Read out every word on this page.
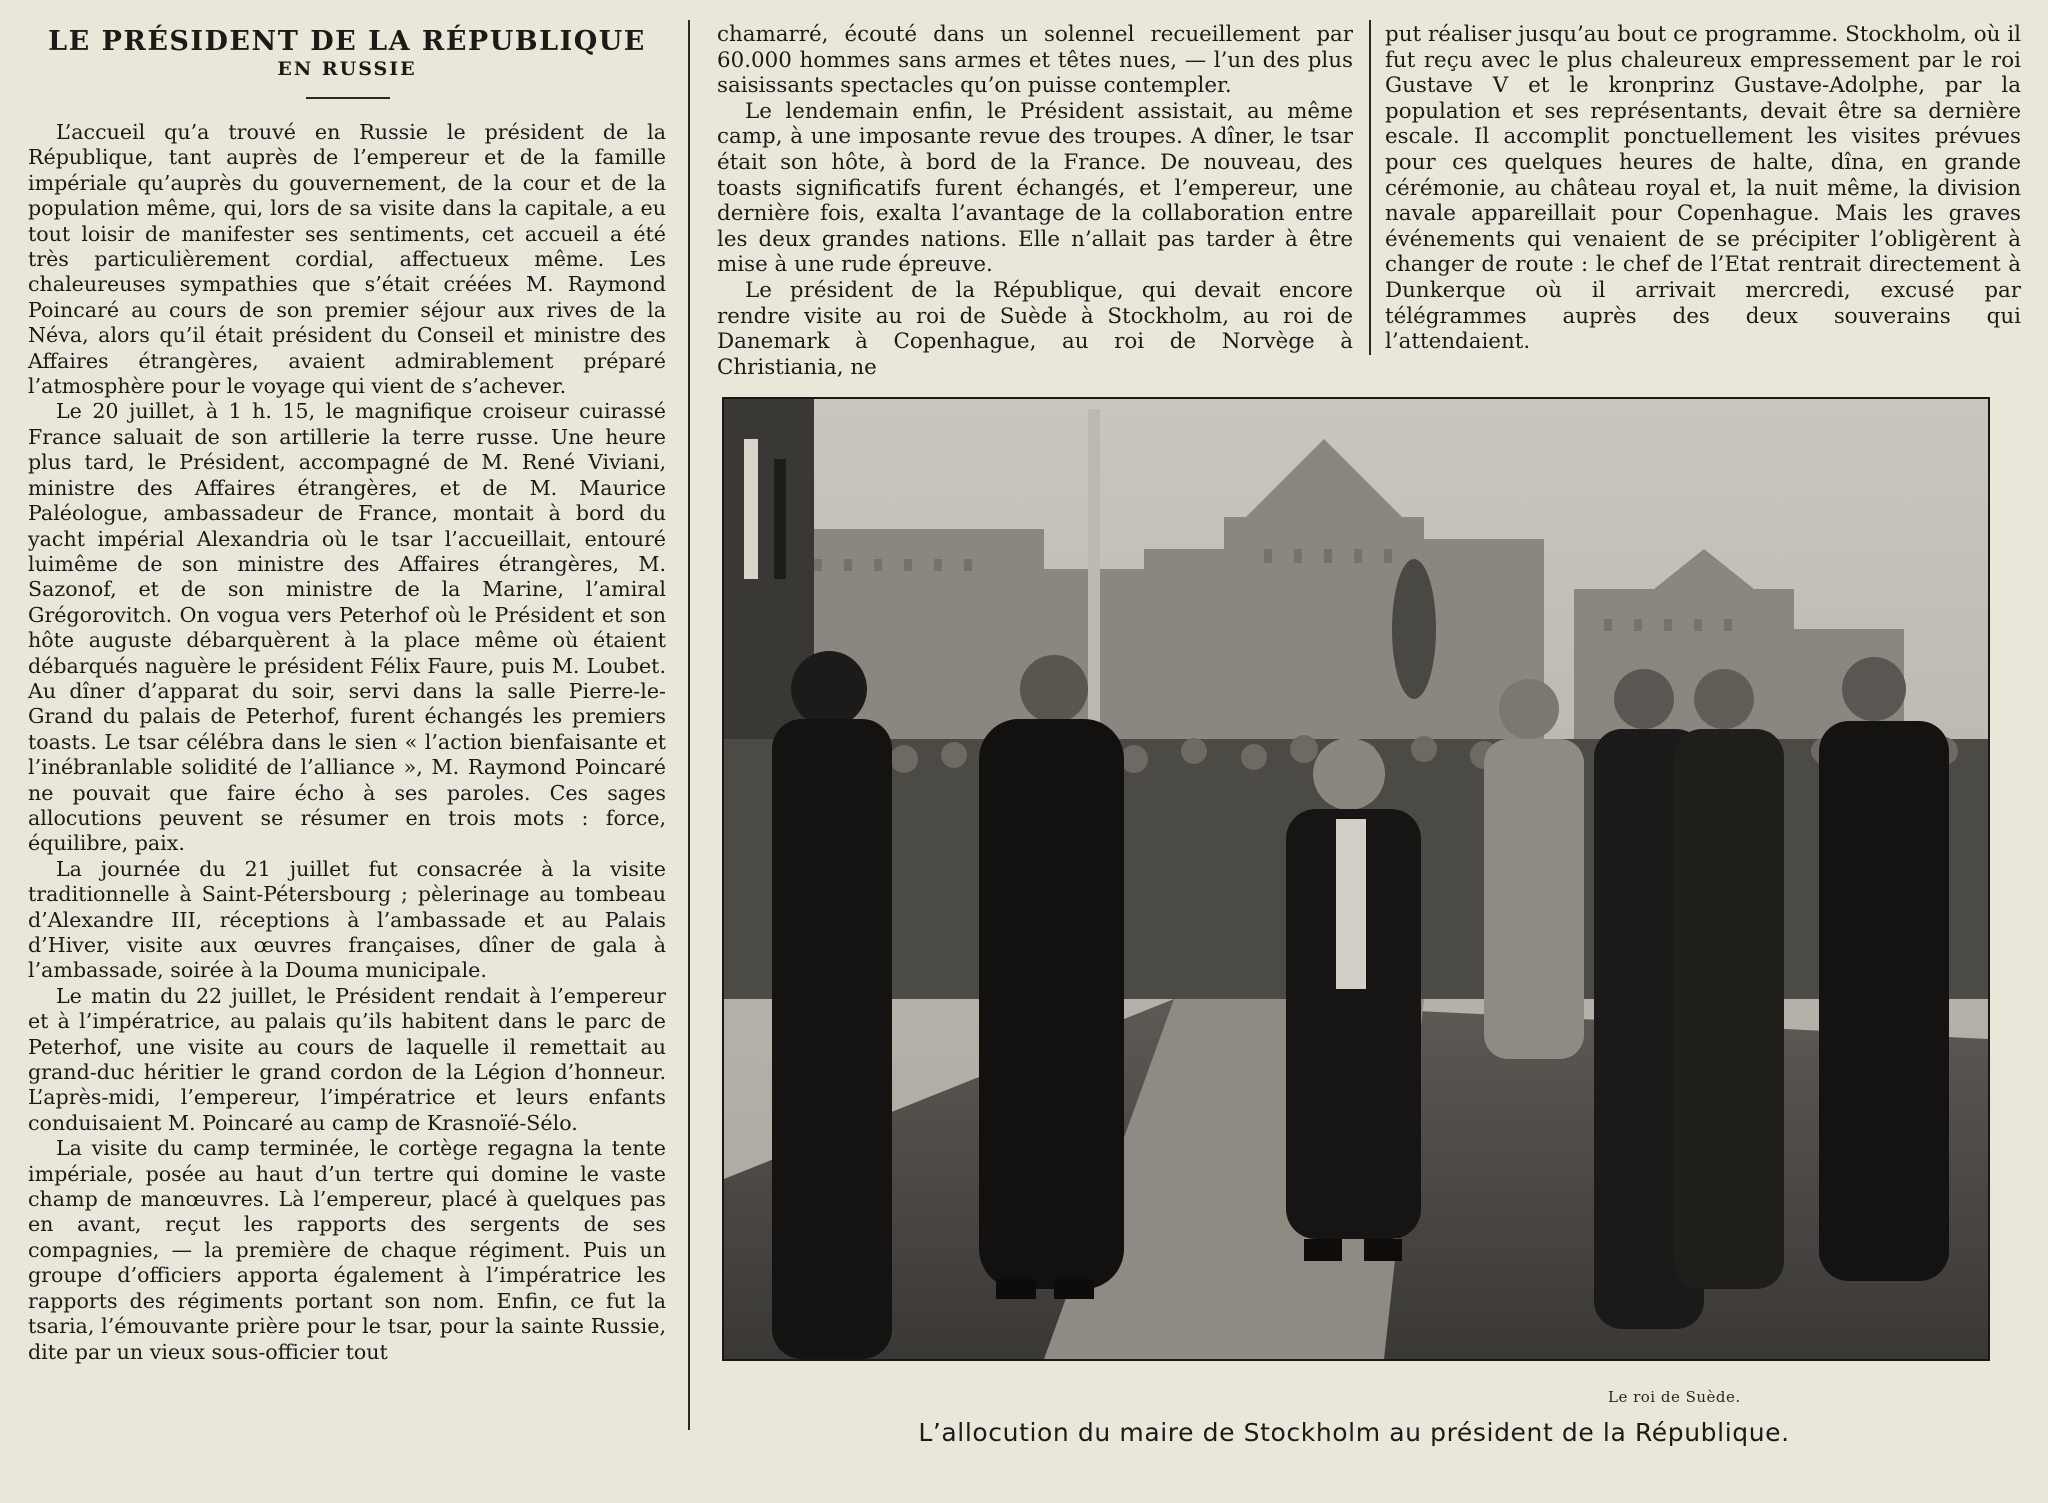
LE PRÉSIDENT DE LA RÉPUBLIQUE
EN RUSSIE

L’accueil qu’a trouvé en Russie le président de la République, tant auprès de l’empereur et de la famille impériale qu’auprès du gouvernement, de la cour et de la population même, qui, lors de sa visite dans la capitale, a eu tout loisir de manifester ses sentiments, cet accueil a été très particulièrement cordial, affectueux même. Les chaleureuses sympathies que s’était créées M. Raymond Poincaré au cours de son premier séjour aux rives de la Néva, alors qu’il était président du Conseil et ministre des Affaires étrangères, avaient admirablement préparé l’atmosphère pour le voyage qui vient de s’achever.

Le 20 juillet, à 1 h. 15, le magnifique croiseur cuirassé France saluait de son artillerie la terre russe. Une heure plus tard, le Président, accompagné de M. René Viviani, ministre des Affaires étrangères, et de M. Maurice Paléologue, ambassadeur de France, montait à bord du yacht impérial Alexandria où le tsar l’accueillait, entouré luimême de son ministre des Affaires étrangères, M. Sazonof, et de son ministre de la Marine, l’amiral Grégorovitch. On vogua vers Peterhof où le Président et son hôte auguste débarquèrent à la place même où étaient débarqués naguère le président Félix Faure, puis M. Loubet. Au dîner d’apparat du soir, servi dans la salle Pierre-le-Grand du palais de Peterhof, furent échangés les premiers toasts. Le tsar célébra dans le sien « l’action bienfaisante et l’inébranlable solidité de l’alliance », M. Raymond Poincaré ne pouvait que faire écho à ses paroles. Ces sages allocutions peuvent se résumer en trois mots : force, équilibre, paix.

La journée du 21 juillet fut consacrée à la visite traditionnelle à Saint-Pétersbourg ; pèlerinage au tombeau d’Alexandre III, réceptions à l’ambassade et au Palais d’Hiver, visite aux œuvres françaises, dîner de gala à l’ambassade, soirée à la Douma municipale.

Le matin du 22 juillet, le Président rendait à l’empereur et à l’impératrice, au palais qu’ils habitent dans le parc de Peterhof, une visite au cours de laquelle il remettait au grand-duc héritier le grand cordon de la Légion d’honneur. L’après-midi, l’empereur, l’impératrice et leurs enfants conduisaient M. Poincaré au camp de Krasnoïé-Sélo.

La visite du camp terminée, le cortège regagna la tente impériale, posée au haut d’un tertre qui domine le vaste champ de manœuvres. Là l’empereur, placé à quelques pas en avant, reçut les rapports des sergents de ses compagnies, — la première de chaque régiment. Puis un groupe d’officiers apporta également à l’impératrice les rapports des régiments portant son nom. Enfin, ce fut la tsaria, l’émouvante prière pour le tsar, pour la sainte Russie, dite par un vieux sous-officier tout

chamarré, écouté dans un solennel recueillement par 60.000 hommes sans armes et têtes nues, — l’un des plus saisissants spectacles qu’on puisse contempler.

Le lendemain enfin, le Président assistait, au même camp, à une imposante revue des troupes. A dîner, le tsar était son hôte, à bord de la France. De nouveau, des toasts significatifs furent échangés, et l’empereur, une dernière fois, exalta l’avantage de la collaboration entre les deux grandes nations. Elle n’allait pas tarder à être mise à une rude épreuve.

Le président de la République, qui devait encore rendre visite au roi de Suède à Stockholm, au roi de Danemark à Copenhague, au roi de Norvège à Christiania, ne

put réaliser jusqu’au bout ce programme. Stockholm, où il fut reçu avec le plus chaleureux empressement par le roi Gustave V et le kronprinz Gustave-Adolphe, par la population et ses représentants, devait être sa dernière escale. Il accomplit ponctuellement les visites prévues pour ces quelques heures de halte, dîna, en grande cérémonie, au château royal et, la nuit même, la division navale appareillait pour Copenhague. Mais les graves événements qui venaient de se précipiter l’obligèrent à changer de route : le chef de l’Etat rentrait directement à Dunkerque où il arrivait mercredi, excusé par télégrammes auprès des deux souverains qui l’attendaient.

Le roi de Suède.
L’allocution du maire de Stockholm au président de la République.
